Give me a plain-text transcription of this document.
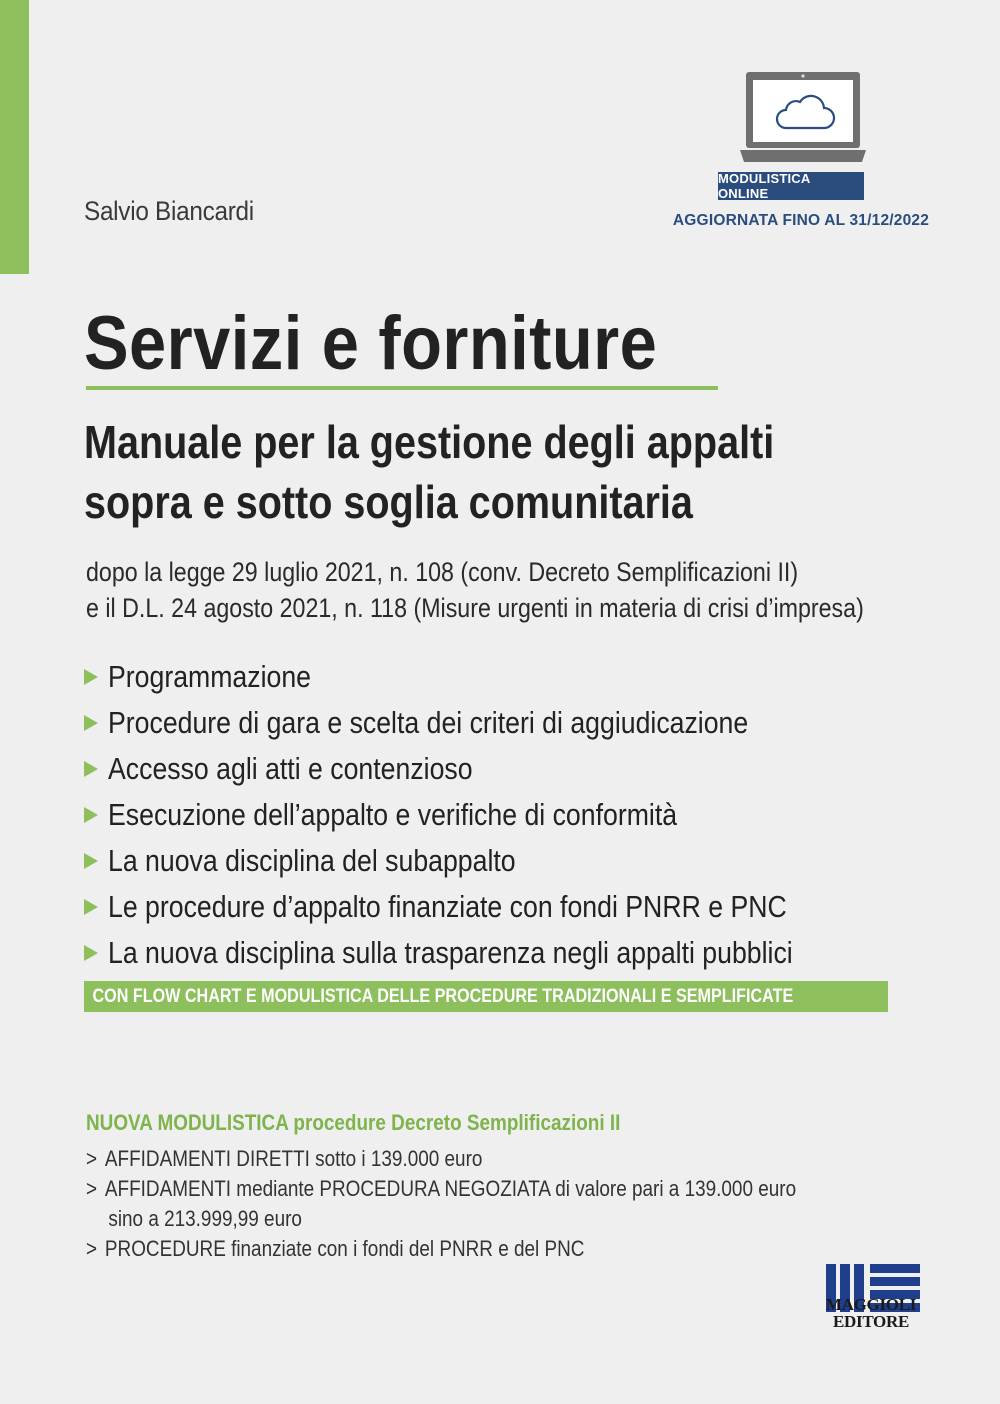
Salvio Biancardi
MODULISTICA ONLINE
AGGIORNATA FINO AL 31/12/2022
Servizi e forniture
Manuale per la gestione degli appalti
sopra e sotto soglia comunitaria
dopo la legge 29 luglio 2021, n. 108 (conv. Decreto Semplificazioni II)
e il D.L. 24 agosto 2021, n. 118 (Misure urgenti in materia di crisi d’impresa)
Programmazione
Procedure di gara e scelta dei criteri di aggiudicazione
Accesso agli atti e contenzioso
Esecuzione dell’appalto e verifiche di conformità
La nuova disciplina del subappalto
Le procedure d’appalto finanziate con fondi PNRR e PNC
La nuova disciplina sulla trasparenza negli appalti pubblici
CON FLOW CHART E MODULISTICA DELLE PROCEDURE TRADIZIONALI E SEMPLIFICATE
NUOVA MODULISTICA procedure Decreto Semplificazioni II
> AFFIDAMENTI DIRETTI sotto i 139.000 euro
> AFFIDAMENTI mediante PROCEDURA NEGOZIATA di valore pari a 139.000 euro
sino a 213.999,99 euro
> PROCEDURE finanziate con i fondi del PNRR e del PNC
MAGGIOLI
EDITORE
